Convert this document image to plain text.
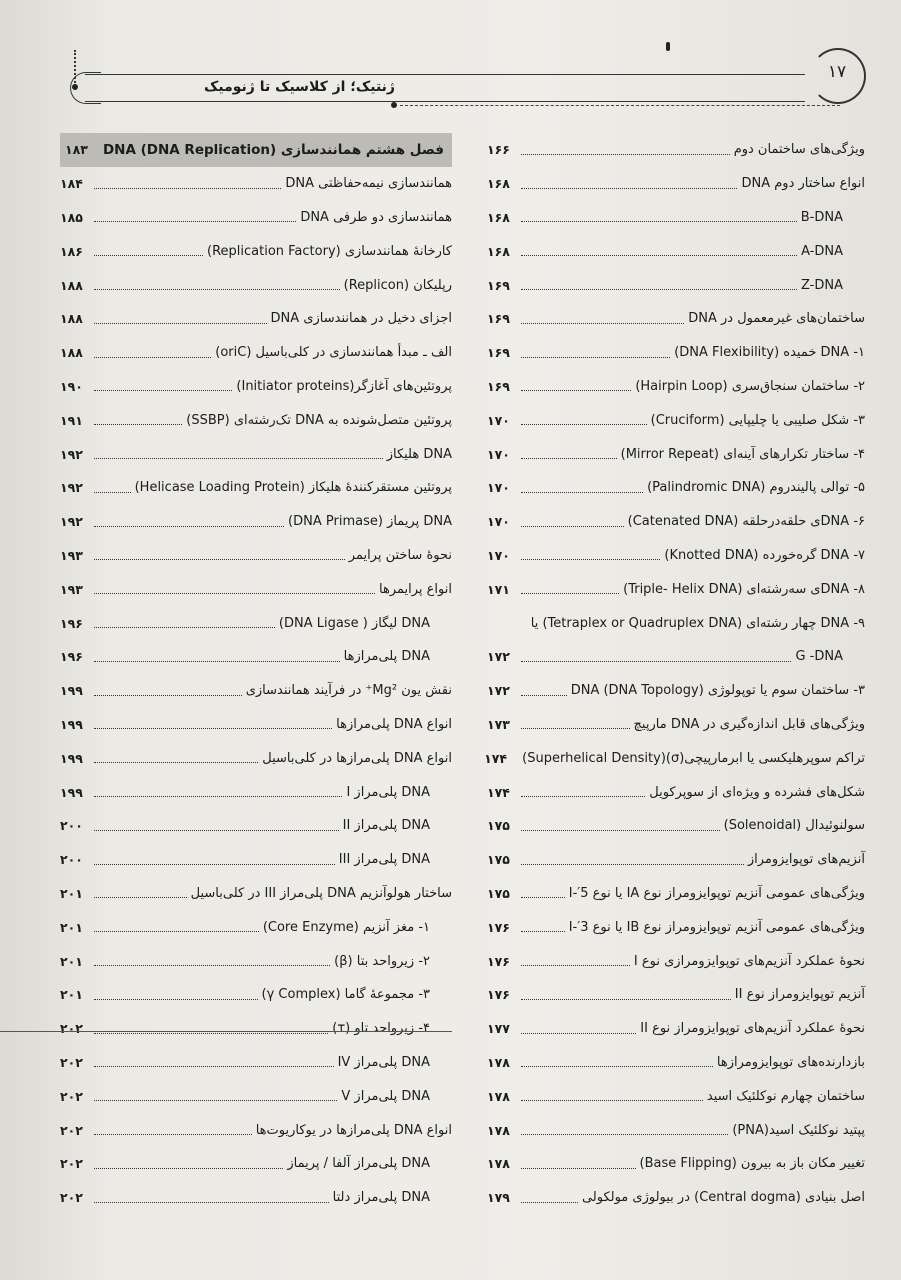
ژنتیک؛ از کلاسیک تا ژنومیک
۱۷
ویژگی‌های ساختمان دوم
۱۶۶
انواع ساختار دوم DNA
۱۶۸
B-DNA
۱۶۸
A-DNA
۱۶۸
Z-DNA
۱۶۹
ساختمان‌های غیرمعمول در DNA
۱۶۹
۱- DNA خمیده (DNA Flexibility)
۱۶۹
۲- ساختمان سنجاق‌سری (Hairpin Loop)
۱۶۹
۳- شکل صلیبی یا چلیپایی (Cruciform)
۱۷۰
۴- ساختار تکرارهای آینه‌ای (Mirror Repeat)
۱۷۰
۵- توالی پالیندروم (Palindromic DNA)
۱۷۰
۶- DNAی حلقه‌درحلقه (Catenated DNA)
۱۷۰
۷- DNA گره‌خورده (Knotted DNA)
۱۷۰
۸- DNAی سه‌رشته‌ای (Triple- Helix DNA)
۱۷۱
۹- DNA چهار رشته‌ای (Tetraplex or Quadruplex DNA) یا
G -DNA
۱۷۲
۳- ساختمان سوم یا توپولوژی DNA (DNA Topology)
۱۷۲
ویژگی‌های قابل اندازه‌گیری در DNA مارپیچ
۱۷۳
تراکم سوپرهلیکسی یا ابرمارپیچی(σ)(Superhelical Density)
۱۷۴
شکل‌های فشرده و ویژه‌ای از سوپرکویل
۱۷۴
سولنوئیدال (Solenoidal)
۱۷۵
آنزیم‌های توپوایزومراز
۱۷۵
ویژگی‌های عمومی آنزیم توپوایزومراز نوع IA یا نوع 5′-I
۱۷۵
ویژگی‌های عمومی آنزیم توپوایزومراز نوع IB یا نوع 3′-I
۱۷۶
نحوهٔ عملکرد آنزیم‌های توپوایزومرازی نوع I
۱۷۶
آنزیم توپوایزومراز نوع II
۱۷۶
نحوهٔ عملکرد آنزیم‌های توپوایزومراز نوع II
۱۷۷
بازدارنده‌های توپوایزومرازها
۱۷۸
ساختمان چهارم نوکلئیک اسید
۱۷۸
پپتید نوکلئیک اسید(PNA)
۱۷۸
تغییر مکان باز به بیرون (Base Flipping)
۱۷۸
اصل بنیادی (Central dogma) در بیولوژی مولکولی
۱۷۹
فصل هشتم همانندسازی DNA (DNA Replication)
۱۸۳
همانندسازی نیمه‌حفاظتی DNA
۱۸۴
همانندسازی دو طرفی DNA
۱۸۵
کارخانهٔ همانندسازی (Replication Factory)
۱۸۶
رپلیکان (Replicon)
۱۸۸
اجزای دخیل در همانندسازی DNA
۱۸۸
الف ـ مبدأ همانندسازی در کلی‌باسیل (oriC)
۱۸۸
پروتئین‌های آغازگر(Initiator proteins)
۱۹۰
پروتئین متصل‌شونده به DNA تک‌رشته‌ای (SSBP)
۱۹۱
DNA هلیکاز
۱۹۲
پروتئین مستقرکنندهٔ هلیکاز (Helicase Loading Protein)
۱۹۲
DNA پریماز (DNA Primase)
۱۹۲
نحوهٔ ساختن پرایمر
۱۹۳
انواع پرایمرها
۱۹۳
DNA لیگاز ( DNA Ligase)
۱۹۶
DNA پلی‌مرازها
۱۹۶
نقش یون Mg²⁺ در فرآیند همانندسازی
۱۹۹
انواع DNA پلی‌مرازها
۱۹۹
انواع DNA پلی‌مرازها در کلی‌باسیل
۱۹۹
DNA پلی‌مراز I
۱۹۹
DNA پلی‌مراز II
۲۰۰
DNA پلی‌مراز III
۲۰۰
ساختار هولوآنزیم DNA پلی‌مراز III در کلی‌باسیل
۲۰۱
۱- مغز آنزیم (Core Enzyme)
۲۰۱
۲- زیرواحد بتا (β)
۲۰۱
۳- مجموعهٔ گاما (γ Complex)
۲۰۱
۴- زیرواحد تاو (τ)
۲۰۲
DNA پلی‌مراز IV
۲۰۲
DNA پلی‌مراز V
۲۰۲
انواع DNA پلی‌مرازها در یوکاریوت‌ها
۲۰۲
DNA پلی‌مراز آلفا / پریماز
۲۰۲
DNA پلی‌مراز دلتا
۲۰۲
